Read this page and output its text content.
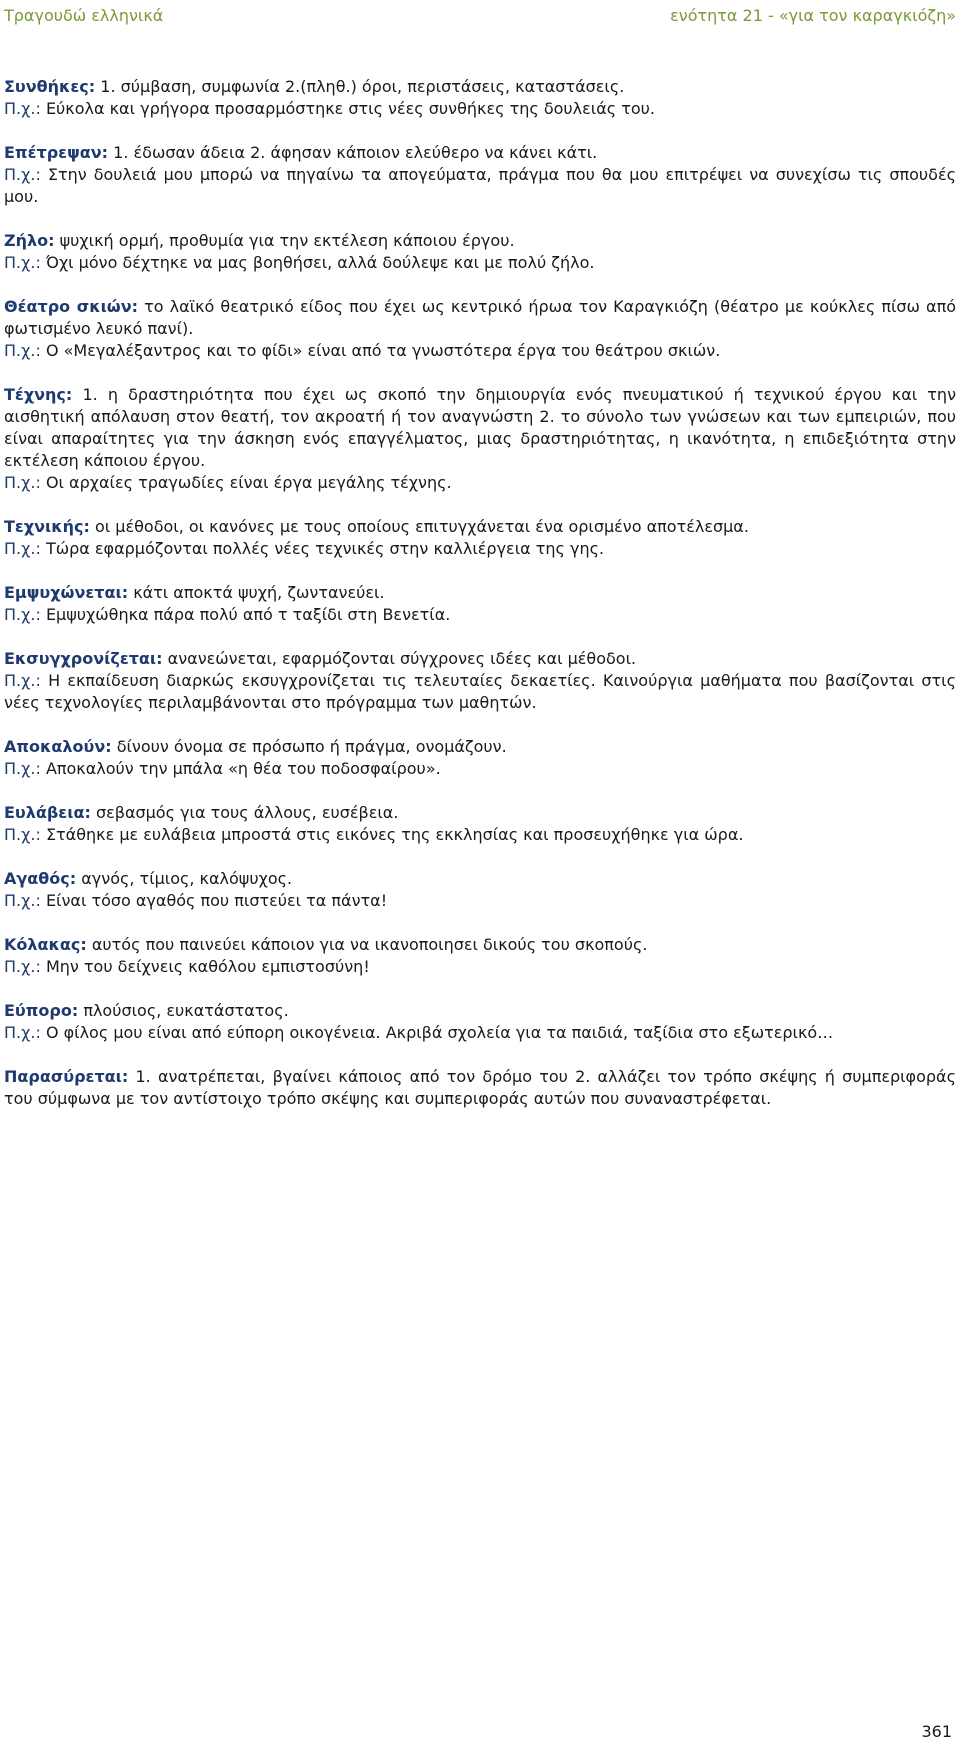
Τραγουδώ ελληνικά	ενότητα 21 - «για τον καραγκιόζη»
Συνθήκες: 1. σύμβαση, συμφωνία 2.(πληθ.) όροι, περιστάσεις, καταστάσεις.
Π.χ.: Εύκολα και γρήγορα προσαρμόστηκε στις νέες συνθήκες της δουλειάς του.
Επέτρεψαν: 1. έδωσαν άδεια 2. άφησαν κάποιον ελεύθερο να κάνει κάτι.
Π.χ.: Στην δουλειά μου μπορώ να πηγαίνω τα απογεύματα, πράγμα που θα μου επιτρέψει να συνεχίσω τις σπουδές μου.
Ζήλο: ψυχική ορμή, προθυμία για την εκτέλεση κάποιου έργου.
Π.χ.: Όχι μόνο δέχτηκε να μας βοηθήσει, αλλά δούλεψε και με πολύ ζήλο.
Θέατρο σκιών: το λαϊκό θεατρικό είδος που έχει ως κεντρικό ήρωα τον Καραγκιόζη (θέατρο με κούκλες πίσω από φωτισμένο λευκό πανί).
Π.χ.: Ο «Μεγαλέξαντρος και το φίδι» είναι από τα γνωστότερα έργα του θεάτρου σκιών.
Τέχνης: 1. η δραστηριότητα που έχει ως σκοπό την δημιουργία ενός πνευματικού ή τεχνικού έργου και την αισθητική απόλαυση στον θεατή, τον ακροατή ή τον αναγνώστη 2. το σύνολο των γνώσεων και των εμπειριών, που είναι απαραίτητες για την άσκηση ενός επαγγέλματος, μιας δραστηριότητας, η ικανότητα, η επιδεξιότητα στην εκτέλεση κάποιου έργου.
Π.χ.: Οι αρχαίες τραγωδίες είναι έργα μεγάλης τέχνης.
Τεχνικής: οι μέθοδοι, οι κανόνες με τους οποίους επιτυγχάνεται ένα ορισμένο αποτέλεσμα.
Π.χ.: Τώρα εφαρμόζονται πολλές νέες τεχνικές στην καλλιέργεια της γης.
Εμψυχώνεται: κάτι αποκτά ψυχή, ζωντανεύει.
Π.χ.: Εμψυχώθηκα πάρα πολύ από τ ταξίδι στη Βενετία.
Εκσυγχρονίζεται: ανανεώνεται, εφαρμόζονται σύγχρονες ιδέες και μέθοδοι.
Π.χ.: Η εκπαίδευση διαρκώς εκσυγχρονίζεται τις τελευταίες δεκαετίες. Καινούργια μαθήματα που βασίζονται στις νέες τεχνολογίες περιλαμβάνονται στο πρόγραμμα των μαθητών.
Αποκαλούν: δίνουν όνομα σε πρόσωπο ή πράγμα, ονομάζουν.
Π.χ.: Αποκαλούν την μπάλα «η θέα του ποδοσφαίρου».
Ευλάβεια: σεβασμός για τους άλλους, ευσέβεια.
Π.χ.: Στάθηκε με ευλάβεια μπροστά στις εικόνες της εκκλησίας και προσευχήθηκε για ώρα.
Αγαθός: αγνός, τίμιος, καλόψυχος.
Π.χ.: Είναι τόσο αγαθός που πιστεύει τα πάντα!
Κόλακας: αυτός που παινεύει κάποιον για να ικανοποιησει δικούς του σκοπούς.
Π.χ.: Μην του δείχνεις καθόλου εμπιστοσύνη!
Εύπορο: πλούσιος, ευκατάστατος.
Π.χ.: Ο φίλος μου είναι από εύπορη οικογένεια. Ακριβά σχολεία για τα παιδιά, ταξίδια στο εξωτερικό…
Παρασύρεται: 1. ανατρέπεται, βγαίνει κάποιος από τον δρόμο του 2. αλλάζει τον τρόπο σκέψης ή συμπεριφοράς του σύμφωνα με τον αντίστοιχο τρόπο σκέψης και συμπεριφοράς αυτών που συναναστρέφεται.
361
